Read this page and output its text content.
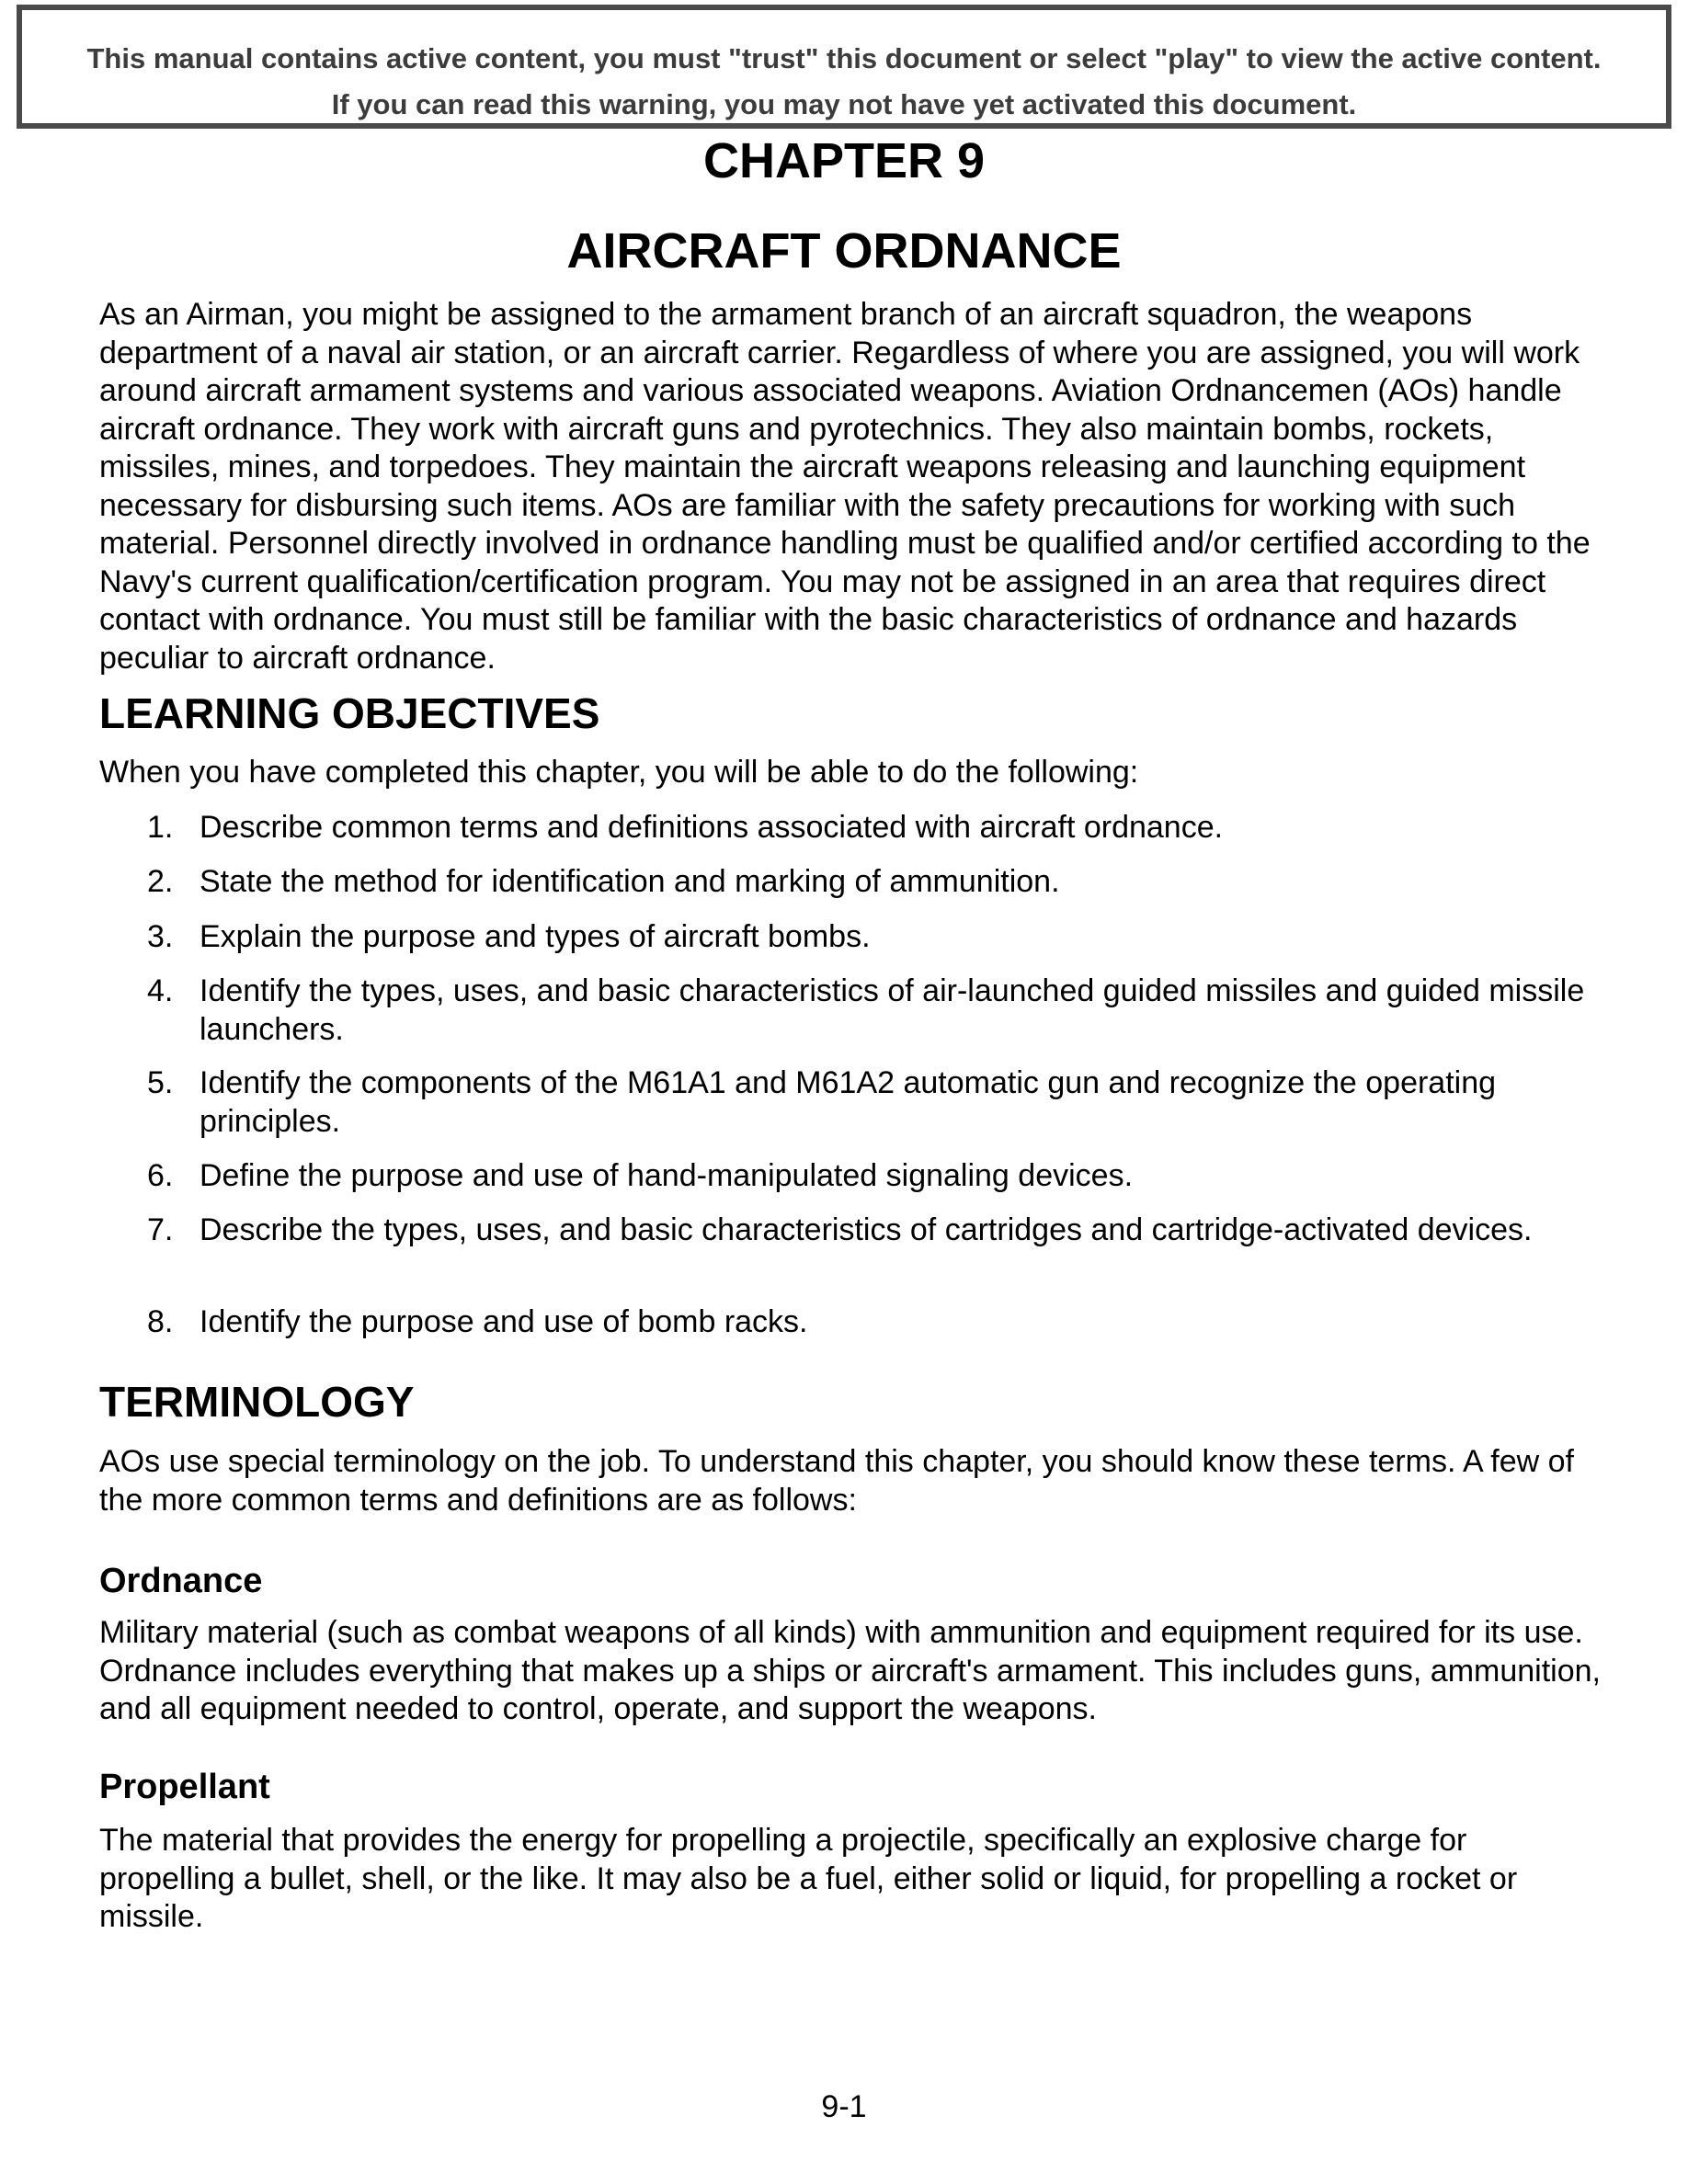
This manual contains active content, you must "trust" this document or select "play" to view the active content.
If you can read this warning, you may not have yet activated this document.
CHAPTER 9
AIRCRAFT ORDNANCE

As an Airman, you might be assigned to the armament branch of an aircraft squadron, the weapons department of a naval air station, or an aircraft carrier. Regardless of where you are assigned, you will work around aircraft armament systems and various associated weapons. Aviation Ordnancemen (AOs) handle aircraft ordnance. They work with aircraft guns and pyrotechnics. They also maintain bombs, rockets, missiles, mines, and torpedoes. They maintain the aircraft weapons releasing and launching equipment necessary for disbursing such items. AOs are familiar with the safety precautions for working with such material. Personnel directly involved in ordnance handling must be qualified and/or certified according to the Navy's current qualification/certification program. You may not be assigned in an area that requires direct contact with ordnance. You must still be familiar with the basic characteristics of ordnance and hazards peculiar to aircraft ordnance.

LEARNING OBJECTIVES

When you have completed this chapter, you will be able to do the following:

1. Describe common terms and definitions associated with aircraft ordnance.
2. State the method for identification and marking of ammunition.
3. Explain the purpose and types of aircraft bombs.
4. Identify the types, uses, and basic characteristics of air-launched guided missiles and guided missile launchers.
5. Identify the components of the M61A1 and M61A2 automatic gun and recognize the operating principles.
6. Define the purpose and use of hand-manipulated signaling devices.
7. Describe the types, uses, and basic characteristics of cartridges and cartridge-activated devices.
8. Identify the purpose and use of bomb racks.
TERMINOLOGY

AOs use special terminology on the job. To understand this chapter, you should know these terms. A few of the more common terms and definitions are as follows:

Ordnance

Military material (such as combat weapons of all kinds) with ammunition and equipment required for its use. Ordnance includes everything that makes up a ships or aircraft's armament. This includes guns, ammunition, and all equipment needed to control, operate, and support the weapons.

Propellant

The material that provides the energy for propelling a projectile, specifically an explosive charge for propelling a bullet, shell, or the like. It may also be a fuel, either solid or liquid, for propelling a rocket or missile.

9-1
